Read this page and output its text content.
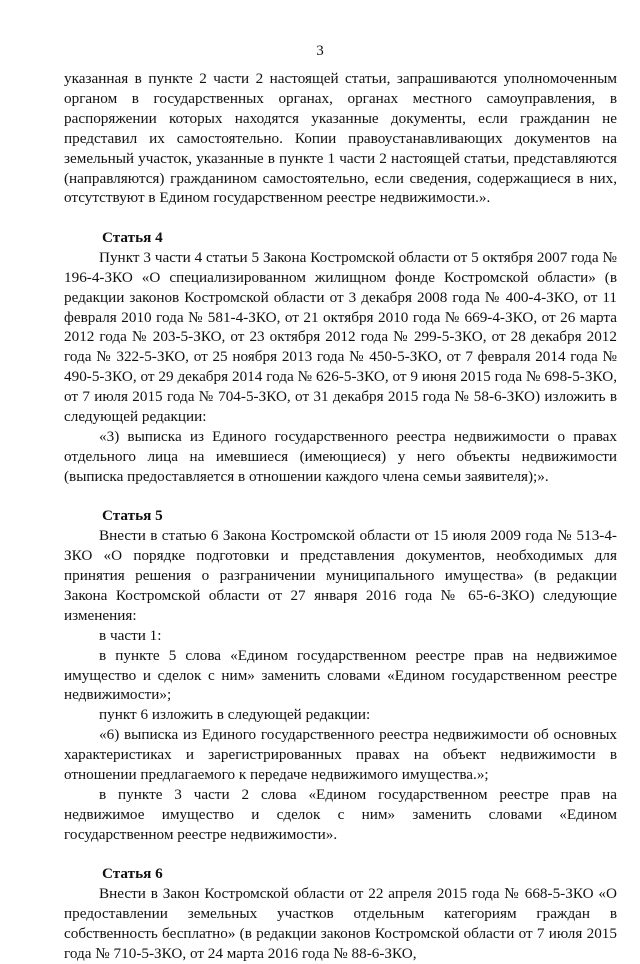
3

указанная в пункте 2 части 2 настоящей статьи, запрашиваются уполномоченным органом в государственных органах, органах местного самоуправления, в распоряжении которых находятся указанные документы, если гражданин не представил их самостоятельно. Копии правоустанавливающих документов на земельный участок, указанные в пункте 1 части 2 настоящей статьи, представляются (направляются) гражданином самостоятельно, если сведения, содержащиеся в них, отсутствуют в Едином государственном реестре недвижимости.».

Статья 4

Пункт 3 части 4 статьи 5 Закона Костромской области от 5 октября 2007 года № 196-4-ЗКО «О специализированном жилищном фонде Костромской области» (в редакции законов Костромской области от 3 декабря 2008 года № 400-4-ЗКО, от 11 февраля 2010 года № 581-4-ЗКО, от 21 октября 2010 года № 669-4-ЗКО, от 26 марта 2012 года № 203-5-ЗКО, от 23 октября 2012 года № 299-5-ЗКО, от 28 декабря 2012 года № 322-5-ЗКО, от 25 ноября 2013 года № 450-5-ЗКО, от 7 февраля 2014 года № 490-5-ЗКО, от 29 декабря 2014 года № 626-5-ЗКО, от 9 июня 2015 года № 698-5-ЗКО, от 7 июля 2015 года № 704-5-ЗКО, от 31 декабря 2015 года № 58-6-ЗКО) изложить в следующей редакции:

«3) выписка из Единого государственного реестра недвижимости о правах отдельного лица на имевшиеся (имеющиеся) у него объекты недвижимости (выписка предоставляется в отношении каждого члена семьи заявителя);».

Статья 5

Внести в статью 6 Закона Костромской области от 15 июля 2009 года № 513-4-ЗКО «О порядке подготовки и представления документов, необходимых для принятия решения о разграничении муниципального имущества» (в редакции Закона Костромской области от 27 января 2016 года № 65-6-ЗКО) следующие изменения:

в части 1:

в пункте 5 слова «Едином государственном реестре прав на недвижимое имущество и сделок с ним» заменить словами «Едином государственном реестре недвижимости»;

пункт 6 изложить в следующей редакции:

«6) выписка из Единого государственного реестра недвижимости об основных характеристиках и зарегистрированных правах на объект недвижимости в отношении предлагаемого к передаче недвижимого имущества.»;

в пункте 3 части 2 слова «Едином государственном реестре прав на недвижимое имущество и сделок с ним» заменить словами «Едином государственном реестре недвижимости».

Статья 6

Внести в Закон Костромской области от 22 апреля 2015 года № 668-5-ЗКО «О предоставлении земельных участков отдельным категориям граждан в собственность бесплатно» (в редакции законов Костромской области от 7 июля 2015 года № 710-5-ЗКО, от 24 марта 2016 года № 88-6-ЗКО,
